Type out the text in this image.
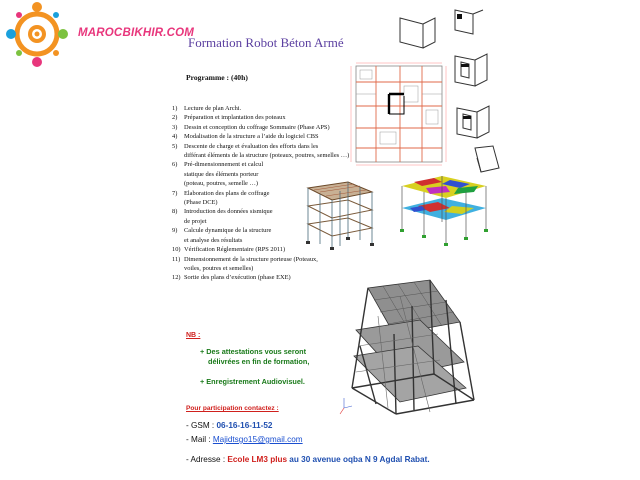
MAROCBIKHIR.COM
Formation Robot Béton Armé
Programme : (40h)
1) Lecture de plan Archi.
2) Préparation et implantation des poteaux
3) Dessin et conception du coffrage Sommaire (Phase APS)
4) Modalisation de la structure a l’aide du logiciel CBS
5) Descente de charge et évaluation des efforts dans les
différant éléments de la structure (poteaux, poutres, semelles …)
6) Pré-dimensionnement et calcul
statique des éléments porteur
(poteau, poutres, semelle …)
7) Elaboration des plans de coffrage
(Phase DCE)
8) Introduction des données sismique
de projet
9) Calcule dynamique de la structure
et analyse des résultats
10) Vérification Réglementaire (RPS 2011)
11) Dimensionnement de la structure porteuse (Poteaux,
voiles, poutres et semelles)
12) Sortie des plans d’exécution (phase EXE)
NB :
+ Des attestations vous seront
délivrées en fin de formation,
+ Enregistrement Audiovisuel.
Pour participation contactez :
- GSM : 06-16-16-11-52
- Mail : Majidtsgo15@gmail.com
- Adresse : Ecole LM3 plus au 30 avenue oqba N 9 Agdal Rabat.
